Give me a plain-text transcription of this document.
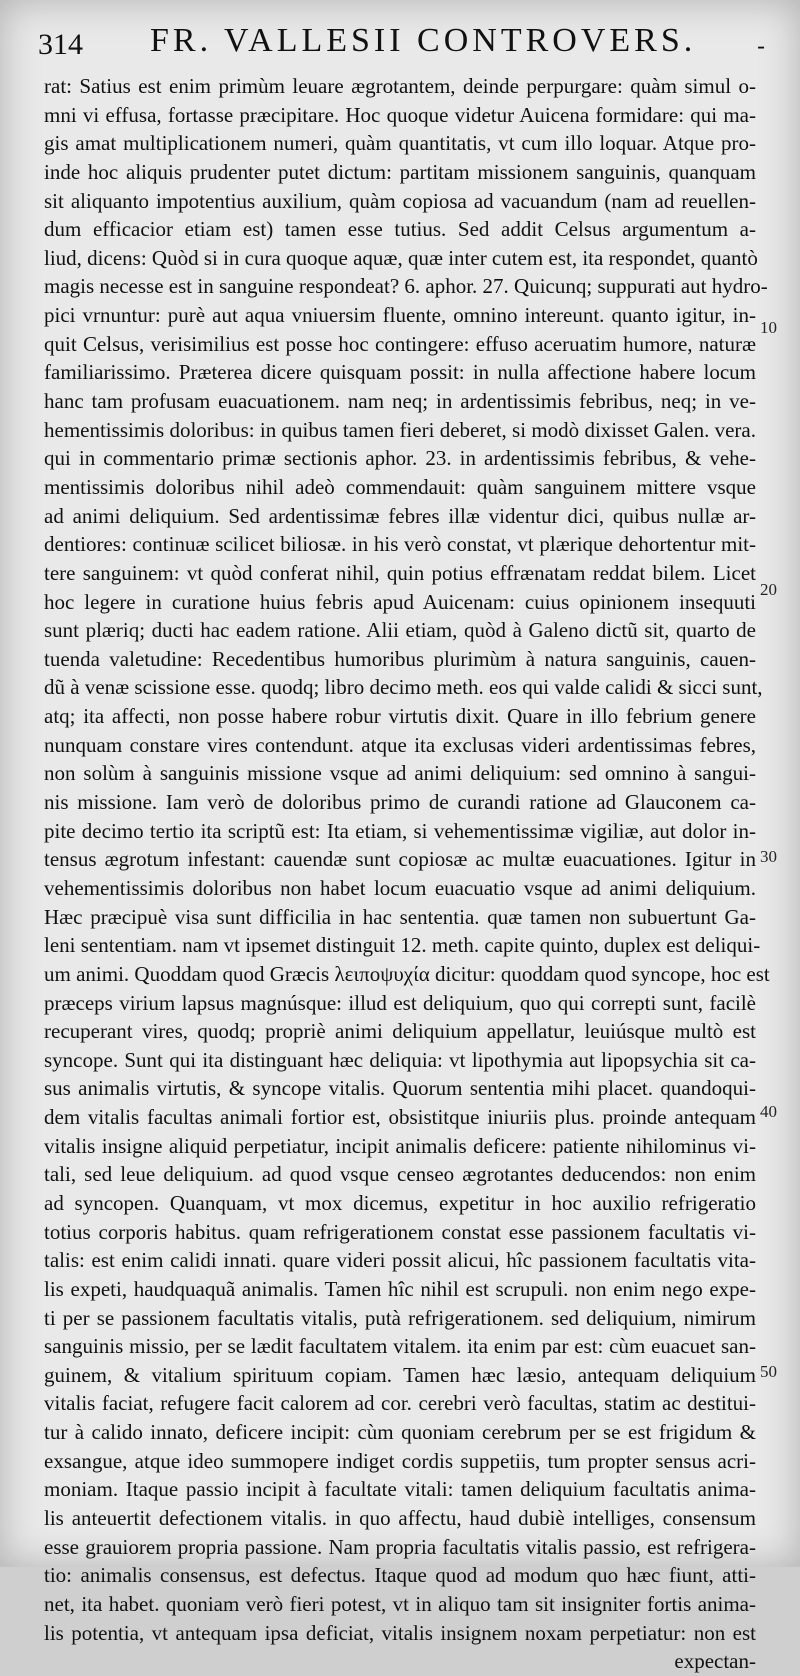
314 FR. VALLESII CONTROVERS.	-
rat: Satius est enim primùm leuare ægrotantem, deinde perpurgare: quàm simul o-
mni vi effusa, fortasse præcipitare. Hoc quoque videtur Auicena formidare: qui ma-
gis amat multiplicationem numeri, quàm quantitatis, vt cum illo loquar. Atque pro-
inde hoc aliquis prudenter putet dictum: partitam missionem sanguinis, quanquam
sit aliquanto impotentius auxilium, quàm copiosa ad vacuandum (nam ad reuellen-
dum efficacior etiam est) tamen esse tutius. Sed addit Celsus argumentum a-
liud, dicens: Quòd si in cura quoque aquæ, quæ inter cutem est, ita respondet, quantò
magis necesse est in sanguine respondeat? 6. aphor. 27. Quicunq; suppurati aut hydro-
pici vrnuntur: purè aut aqua vniuersim fluente, omnino intereunt. quanto igitur, in-
quit Celsus, verisimilius est posse hoc contingere: effuso aceruatim humore, naturæ
familiarissimo. Præterea dicere quisquam possit: in nulla affectione habere locum
hanc tam profusam euacuationem. nam neq; in ardentissimis febribus, neq; in ve-
hementissimis doloribus: in quibus tamen fieri deberet, si modò dixisset Galen. vera.
qui in commentario primæ sectionis aphor. 23. in ardentissimis febribus, & vehe-
mentissimis doloribus nihil adeò commendauit: quàm sanguinem mittere vsque
ad animi deliquium. Sed ardentissimæ febres illæ videntur dici, quibus nullæ ar-
dentiores: continuæ scilicet biliosæ. in his verò constat, vt plærique dehortentur mit-
tere sanguinem: vt quòd conferat nihil, quin potius effrænatam reddat bilem. Licet
hoc legere in curatione huius febris apud Auicenam: cuius opinionem insequuti
sunt plæriq; ducti hac eadem ratione. Alii etiam, quòd à Galeno dictũ sit, quarto de
tuenda valetudine: Recedentibus humoribus plurimùm à natura sanguinis, cauen-
dũ à venæ scissione esse. quodq; libro decimo meth. eos qui valde calidi & sicci sunt,
atq; ita affecti, non posse habere robur virtutis dixit. Quare in illo febrium genere
nunquam constare vires contendunt. atque ita exclusas videri ardentissimas febres,
non solùm à sanguinis missione vsque ad animi deliquium: sed omnino à sangui-
nis missione. Iam verò de doloribus primo de curandi ratione ad Glauconem ca-
pite decimo tertio ita scriptũ est: Ita etiam, si vehementissimæ vigiliæ, aut dolor in-
tensus ægrotum infestant: cauendæ sunt copiosæ ac multæ euacuationes. Igitur in
vehementissimis doloribus non habet locum euacuatio vsque ad animi deliquium.
Hæc præcipuè visa sunt difficilia in hac sententia. quæ tamen non subuertunt Ga-
leni sententiam. nam vt ipsemet distinguit 12. meth. capite quinto, duplex est deliqui-
um animi. Quoddam quod Græcis λειποψυχία dicitur: quoddam quod syncope, hoc est
præceps virium lapsus magnúsque: illud est deliquium, quo qui correpti sunt, facilè
recuperant vires, quodq; propriè animi deliquium appellatur, leuiúsque multò est
syncope. Sunt qui ita distinguant hæc deliquia: vt lipothymia aut lipopsychia sit ca-
sus animalis virtutis, & syncope vitalis. Quorum sententia mihi placet. quandoqui-
dem vitalis facultas animali fortior est, obsistitque iniuriis plus. proinde antequam
vitalis insigne aliquid perpetiatur, incipit animalis deficere: patiente nihilominus vi-
tali, sed leue deliquium. ad quod vsque censeo ægrotantes deducendos: non enim
ad syncopen. Quanquam, vt mox dicemus, expetitur in hoc auxilio refrigeratio
totius corporis habitus. quam refrigerationem constat esse passionem facultatis vi-
talis: est enim calidi innati. quare videri possit alicui, hîc passionem facultatis vita-
lis expeti, haudquaquã animalis. Tamen hîc nihil est scrupuli. non enim nego expe-
ti per se passionem facultatis vitalis, putà refrigerationem. sed deliquium, nimirum
sanguinis missio, per se lædit facultatem vitalem. ita enim par est: cùm euacuet san-
guinem, & vitalium spirituum copiam. Tamen hæc læsio, antequam deliquium
vitalis faciat, refugere facit calorem ad cor. cerebri verò facultas, statim ac destitui-
tur à calido innato, deficere incipit: cùm quoniam cerebrum per se est frigidum &
exsangue, atque ideo summopere indiget cordis suppetiis, tum propter sensus acri-
moniam. Itaque passio incipit à facultate vitali: tamen deliquium facultatis anima-
lis anteuertit defectionem vitalis. in quo affectu, haud dubiè intelliges, consensum
esse grauiorem propria passione. Nam propria facultatis vitalis passio, est refrigera-
tio: animalis consensus, est defectus. Itaque quod ad modum quo hæc fiunt, atti-
net, ita habet. quoniam verò fieri potest, vt in aliquo tam sit insigniter fortis anima-
lis potentia, vt antequam ipsa deficiat, vitalis insignem noxam perpetiatur: non est
expectan-
10
20
30
40
50
